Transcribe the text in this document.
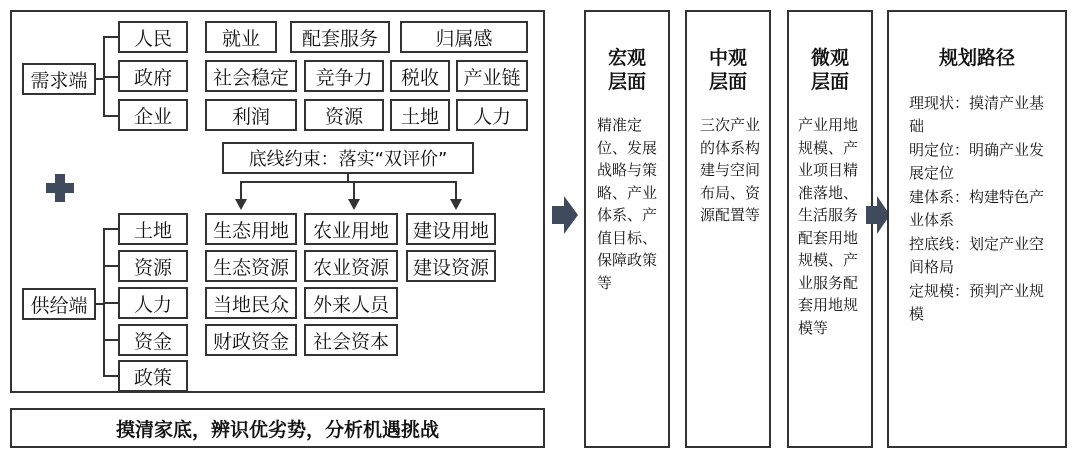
需求端
人民	就业 配套服务	归属感
政府 社会稳定 竞争力 税收 产业链
企业	利润	资源 土地 人力
底线约束：落实“双评价”
供给端
土地 生态用地 农业用地 建设用地
资源 生态资源 农业资源 建设资源
人力 当地民众 外来人员
资金 财政资金 社会资本
政策
摸清家底，辨识优劣势，分析机遇挑战
宏观
层面
精准定位、发展战略与策略、产业体系、产值目标、保障政策等
中观
层面
三次产业的体系构建与空间布局、资源配置等
微观
层面
产业用地规模、产业项目精准落地、生活服务配套用地规模、产业服务配套用地规模等
规划路径
理现状：摸清产业基础
明定位：明确产业发展定位
建体系：构建特色产业体系
控底线：划定产业空间格局
定规模：预判产业规模
